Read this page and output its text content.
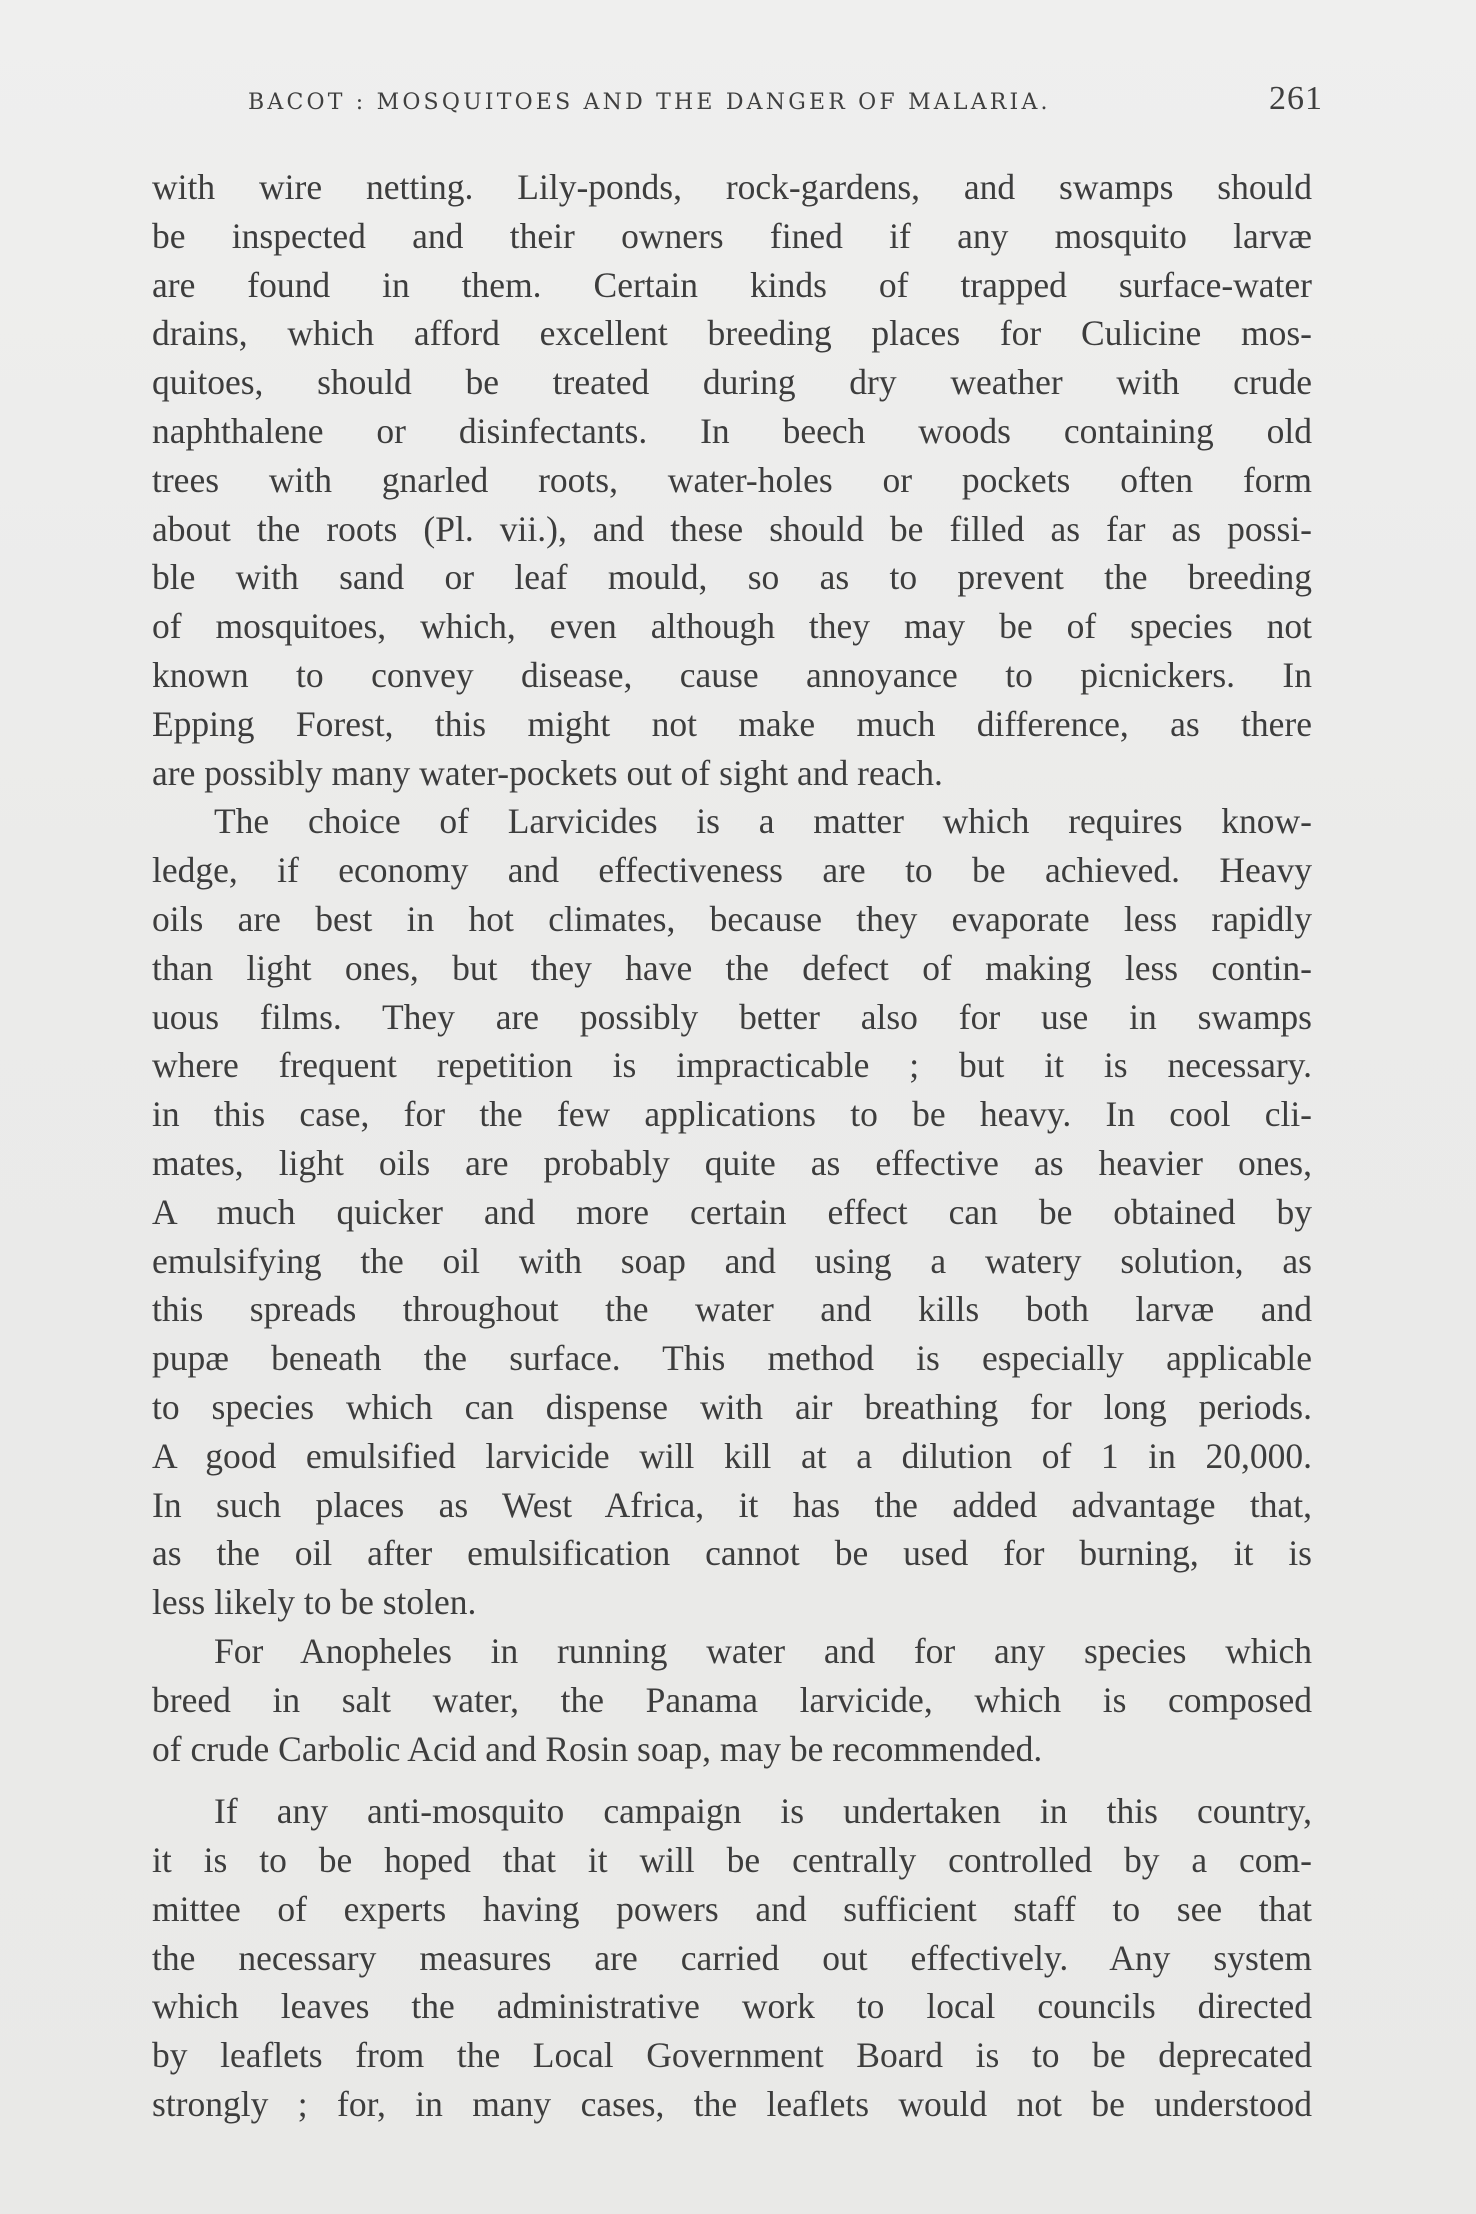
BACOT : MOSQUITOES AND THE DANGER OF MALARIA.	261
with wire netting. Lily-ponds, rock-gardens, and swamps should
be inspected and their owners fined if any mosquito larvæ
are found in them. Certain kinds of trapped surface-water
drains, which afford excellent breeding places for Culicine mos-
quitoes, should be treated during dry weather with crude
naphthalene or disinfectants. In beech woods containing old
trees with gnarled roots, water-holes or pockets often form
about the roots (Pl. vii.), and these should be filled as far as possi-
ble with sand or leaf mould, so as to prevent the breeding
of mosquitoes, which, even although they may be of species not
known to convey disease, cause annoyance to picnickers. In
Epping Forest, this might not make much difference, as there
are possibly many water-pockets out of sight and reach.
The choice of Larvicides is a matter which requires know-
ledge, if economy and effectiveness are to be achieved. Heavy
oils are best in hot climates, because they evaporate less rapidly
than light ones, but they have the defect of making less contin-
uous films. They are possibly better also for use in swamps
where frequent repetition is impracticable ; but it is necessary.
in this case, for the few applications to be heavy. In cool cli-
mates, light oils are probably quite as effective as heavier ones,
A much quicker and more certain effect can be obtained by
emulsifying the oil with soap and using a watery solution, as
this spreads throughout the water and kills both larvæ and
pupæ beneath the surface. This method is especially applicable
to species which can dispense with air breathing for long periods.
A good emulsified larvicide will kill at a dilution of 1 in 20,000.
In such places as West Africa, it has the added advantage that,
as the oil after emulsification cannot be used for burning, it is
less likely to be stolen.
For Anopheles in running water and for any species which
breed in salt water, the Panama larvicide, which is composed
of crude Carbolic Acid and Rosin soap, may be recommended.
If any anti-mosquito campaign is undertaken in this country,
it is to be hoped that it will be centrally controlled by a com-
mittee of experts having powers and sufficient staff to see that
the necessary measures are carried out effectively. Any system
which leaves the administrative work to local councils directed
by leaflets from the Local Government Board is to be deprecated
strongly ; for, in many cases, the leaflets would not be understood
